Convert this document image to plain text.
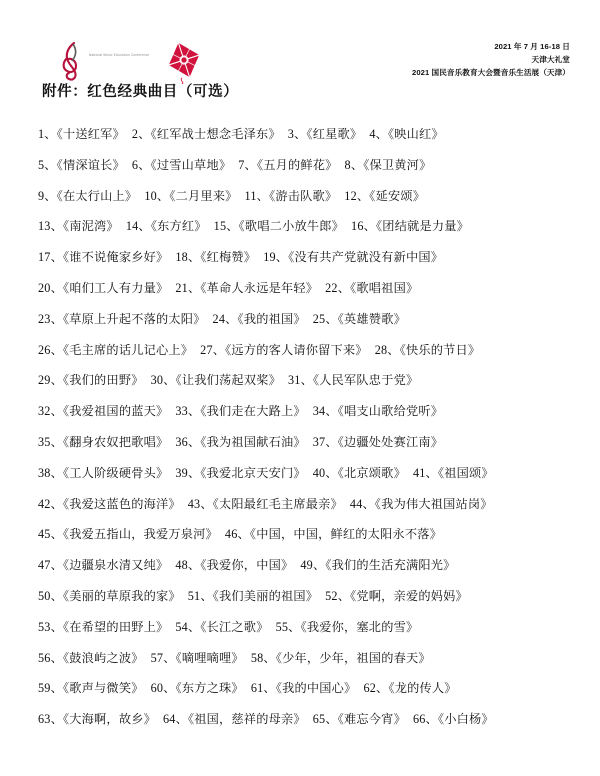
National Music Education Conference
2021 年 7 月 16-18 日
天津大礼堂
2021 国民音乐教育大会暨音乐生活展（天津）
附件：红色经典曲目（可选）
1、《十送红军》 2、《红军战士想念毛泽东》 3、《红星歌》 4、《映山红》
5、《情深谊长》 6、《过雪山草地》 7、《五月的鲜花》 8、《保卫黄河》
9、《在太行山上》 10、《二月里来》 11、《游击队歌》 12、《延安颂》
13、《南泥湾》 14、《东方红》 15、《歌唱二小放牛郎》 16、《团结就是力量》
17、《谁不说俺家乡好》 18、《红梅赞》 19、《没有共产党就没有新中国》
20、《咱们工人有力量》 21、《革命人永远是年轻》 22、《歌唱祖国》
23、《草原上升起不落的太阳》 24、《我的祖国》 25、《英雄赞歌》
26、《毛主席的话儿记心上》 27、《远方的客人请你留下来》 28、《快乐的节日》
29、《我们的田野》 30、《让我们荡起双桨》 31、《人民军队忠于党》
32、《我爱祖国的蓝天》 33、《我们走在大路上》 34、《唱支山歌给党听》
35、《翻身农奴把歌唱》 36、《我为祖国献石油》 37、《边疆处处赛江南》
38、《工人阶级硬骨头》 39、《我爱北京天安门》 40、《北京颂歌》 41、《祖国颂》
42、《我爱这蓝色的海洋》 43、《太阳最红毛主席最亲》 44、《我为伟大祖国站岗》
45、《我爱五指山，我爱万泉河》 46、《中国，中国，鲜红的太阳永不落》
47、《边疆泉水清又纯》 48、《我爱你，中国》 49、《我们的生活充满阳光》
50、《美丽的草原我的家》 51、《我们美丽的祖国》 52、《党啊，亲爱的妈妈》
53、《在希望的田野上》 54、《长江之歌》 55、《我爱你，塞北的雪》
56、《鼓浪屿之波》 57、《嘀哩嘀哩》 58、《少年，少年，祖国的春天》
59、《歌声与微笑》 60、《东方之珠》 61、《我的中国心》 62、《龙的传人》
63、《大海啊，故乡》 64、《祖国，慈祥的母亲》 65、《难忘今宵》 66、《小白杨》
